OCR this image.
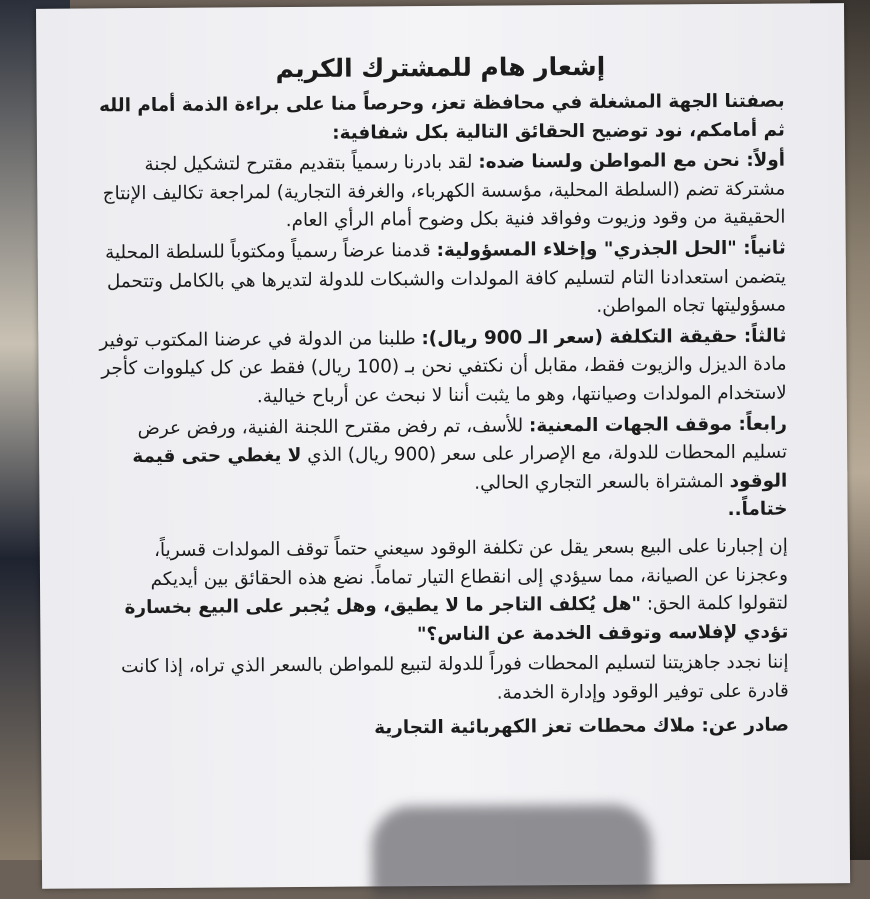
إشعار هام للمشترك الكريم

بصفتنا الجهة المشغلة في محافظة تعز، وحرصاً منا على براءة الذمة أمام الله ثم أمامكم، نود توضيح الحقائق التالية بكل شفافية:

أولاً: نحن مع المواطن ولسنا ضده: لقد بادرنا رسمياً بتقديم مقترح لتشكيل لجنة مشتركة تضم (السلطة المحلية، مؤسسة الكهرباء، والغرفة التجارية) لمراجعة تكاليف الإنتاج الحقيقية من وقود وزيوت وفواقد فنية بكل وضوح أمام الرأي العام.

ثانياً: "الحل الجذري" وإخلاء المسؤولية: قدمنا عرضاً رسمياً ومكتوباً للسلطة المحلية يتضمن استعدادنا التام لتسليم كافة المولدات والشبكات للدولة لتديرها هي بالكامل وتتحمل مسؤوليتها تجاه المواطن.

ثالثاً: حقيقة التكلفة (سعر الـ 900 ريال): طلبنا من الدولة في عرضنا المكتوب توفير مادة الديزل والزيوت فقط، مقابل أن نكتفي نحن بـ (100 ريال) فقط عن كل كيلووات كأجر لاستخدام المولدات وصيانتها، وهو ما يثبت أننا لا نبحث عن أرباح خيالية.

رابعاً: موقف الجهات المعنية: للأسف، تم رفض مقترح اللجنة الفنية، ورفض عرض تسليم المحطات للدولة، مع الإصرار على سعر (900 ريال) الذي لا يغطي حتى قيمة الوقود المشتراة بالسعر التجاري الحالي.

ختاماً..

إن إجبارنا على البيع بسعر يقل عن تكلفة الوقود سيعني حتماً توقف المولدات قسرياً، وعجزنا عن الصيانة، مما سيؤدي إلى انقطاع التيار تماماً. نضع هذه الحقائق بين أيديكم لتقولوا كلمة الحق: "هل يُكلف التاجر ما لا يطيق، وهل يُجبر على البيع بخسارة تؤدي لإفلاسه وتوقف الخدمة عن الناس؟"

إننا نجدد جاهزيتنا لتسليم المحطات فوراً للدولة لتبيع للمواطن بالسعر الذي تراه، إذا كانت قادرة على توفير الوقود وإدارة الخدمة.

صادر عن: ملاك محطات تعز الكهربائية التجارية
